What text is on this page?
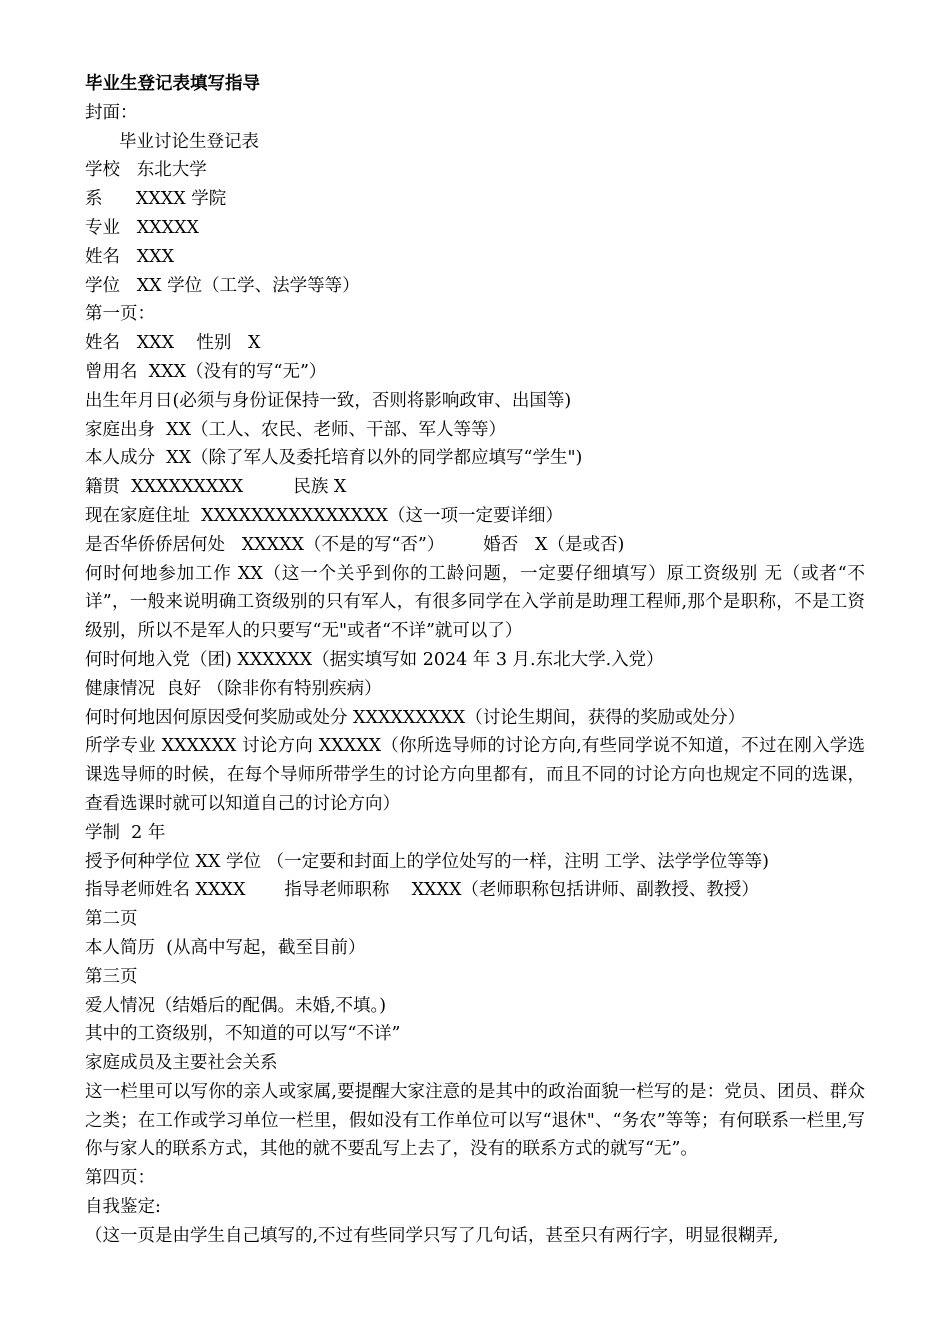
毕业生登记表填写指导

封面：

毕业讨论生登记表

学校   东北大学

系      XXXX 学院

专业   XXXXX

姓名   XXX

学位   XX 学位（工学、法学等等）

第一页：

姓名   XXX    性别   X

曾用名  XXX（没有的写“无”）

出生年月日(必须与身份证保持一致，否则将影响政审、出国等)

家庭出身  XX（工人、农民、老师、干部、军人等等）

本人成分  XX（除了军人及委托培育以外的同学都应填写“学生")

籍贯  XXXXXXXXX         民族 X

现在家庭住址  XXXXXXXXXXXXXXX（这一项一定要详细）

是否华侨侨居何处   XXXXX（不是的写“否”）       婚否   X（是或否)

何时何地参加工作 XX（这一个关乎到你的工龄问题，一定要仔细填写）原工资级别 无（或者“不详”，一般来说明确工资级别的只有军人，有很多同学在入学前是助理工程师,那个是职称，不是工资级别，所以不是军人的只要写“无"或者“不详”就可以了）

何时何地入党（团) XXXXXX（据实填写如 2024 年 3 月.东北大学.入党）

健康情况  良好 （除非你有特别疾病）

何时何地因何原因受何奖励或处分 XXXXXXXXX（讨论生期间，获得的奖励或处分）

所学专业 XXXXXX 讨论方向 XXXXX（你所选导师的讨论方向,有些同学说不知道，不过在刚入学选课选导师的时候，在每个导师所带学生的讨论方向里都有，而且不同的讨论方向也规定不同的选课，查看选课时就可以知道自己的讨论方向）

学制  2 年

授予何种学位 XX 学位 （一定要和封面上的学位处写的一样，注明 工学、法学学位等等)

指导老师姓名 XXXX       指导老师职称    XXXX（老师职称包括讲师、副教授、教授）

第二页

本人简历  (从高中写起，截至目前）

第三页

爱人情况（结婚后的配偶。未婚,不填。)

其中的工资级别，不知道的可以写“不详”

家庭成员及主要社会关系

这一栏里可以写你的亲人或家属,要提醒大家注意的是其中的政治面貌一栏写的是：党员、团员、群众之类；在工作或学习单位一栏里，假如没有工作单位可以写“退休"、“务农”等等；有何联系一栏里,写你与家人的联系方式，其他的就不要乱写上去了，没有的联系方式的就写“无”。

第四页：

自我鉴定:

（这一页是由学生自己填写的,不过有些同学只写了几句话，甚至只有两行字，明显很糊弄,
